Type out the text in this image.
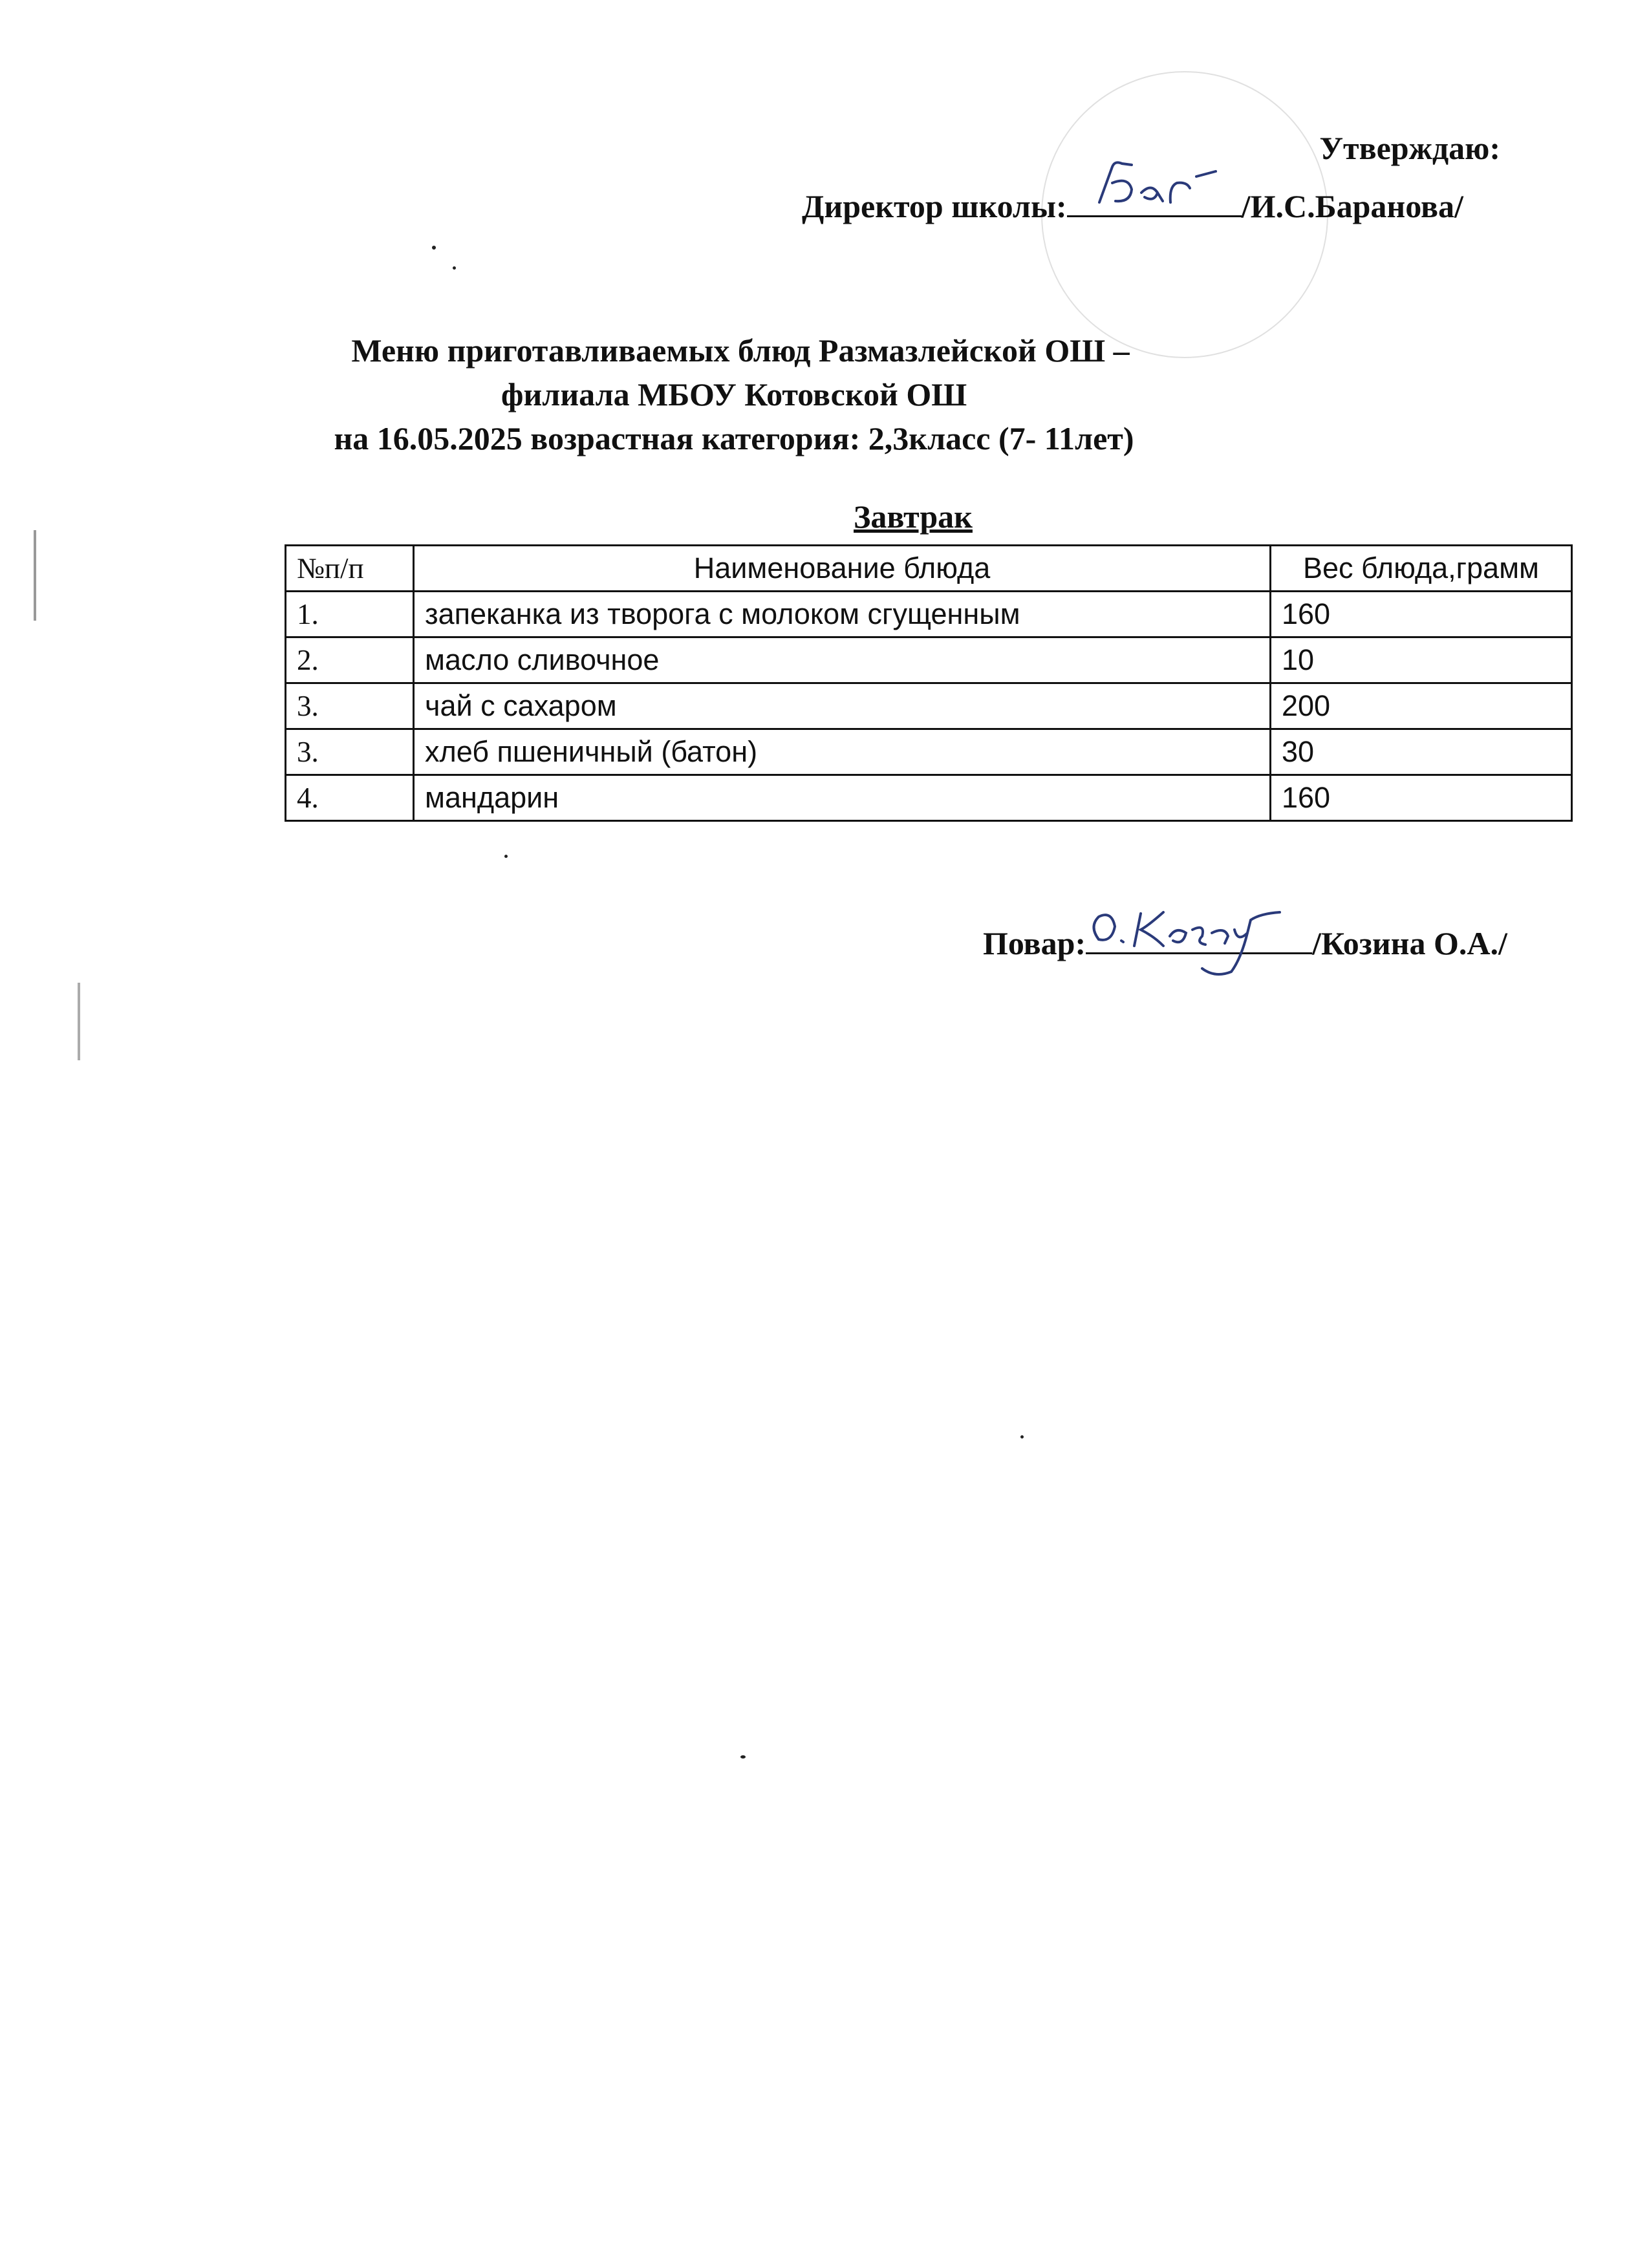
Утверждаю:
Директор школы:	/И.С.Баранова/
Меню приготавливаемых блюд Размазлейской ОШ –
филиала МБОУ Котовской ОШ
на 16.05.2025 возрастная категория: 2,3класс (7- 11лет)
Завтрак
№п/п	Наименование блюда	Вес блюда,грамм
1.	запеканка из творога с молоком сгущенным	160
2.	масло сливочное	10
3.	чай с сахаром	200
3.	хлеб пшеничный (батон)	30
4.	мандарин	160
Повар:	/Козина О.А./
